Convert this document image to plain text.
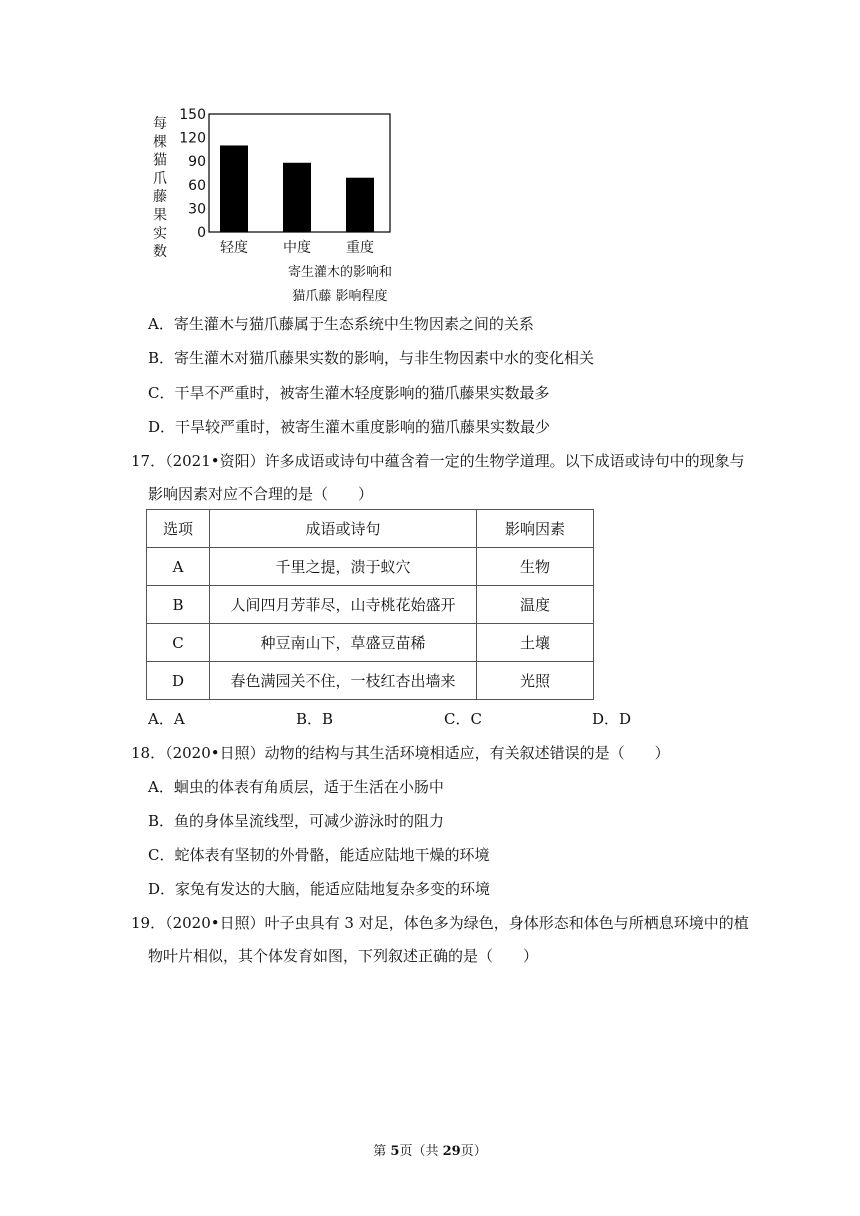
每
棵
猫
爪
藤
果
实
数
0
30
60
90
120
150
轻度	中度	重度
寄生灌木的影响和
猫爪藤 影响程度
A．寄生灌木与猫爪藤属于生态系统中生物因素之间的关系
B．寄生灌木对猫爪藤果实数的影响，与非生物因素中水的变化相关
C．干旱不严重时，被寄生灌木轻度影响的猫爪藤果实数最多
D．干旱较严重时，被寄生灌木重度影响的猫爪藤果实数最少
17．（2021•资阳）许多成语或诗句中蕴含着一定的生物学道理。以下成语或诗句中的现象与
影响因素对应不合理的是（　　）
选项	成语或诗句	影响因素
A	千里之提，溃于蚁穴	生物
B	人间四月芳菲尽，山寺桃花始盛开	温度
C	种豆南山下，草盛豆苗稀	土壤
D	春色满园关不住，一枝红杏出墙来	光照
A．A	B．B	C．C	D．D
18．（2020•日照）动物的结构与其生活环境相适应，有关叙述错误的是（　　）
A．蛔虫的体表有角质层，适于生活在小肠中
B．鱼的身体呈流线型，可减少游泳时的阻力
C．蛇体表有坚韧的外骨骼，能适应陆地干燥的环境
D．家兔有发达的大脑，能适应陆地复杂多变的环境
19．（2020•日照）叶子虫具有 3 对足，体色多为绿色，身体形态和体色与所栖息环境中的植
物叶片相似，其个体发育如图，下列叙述正确的是（　　）
第 5页（共 29页）
